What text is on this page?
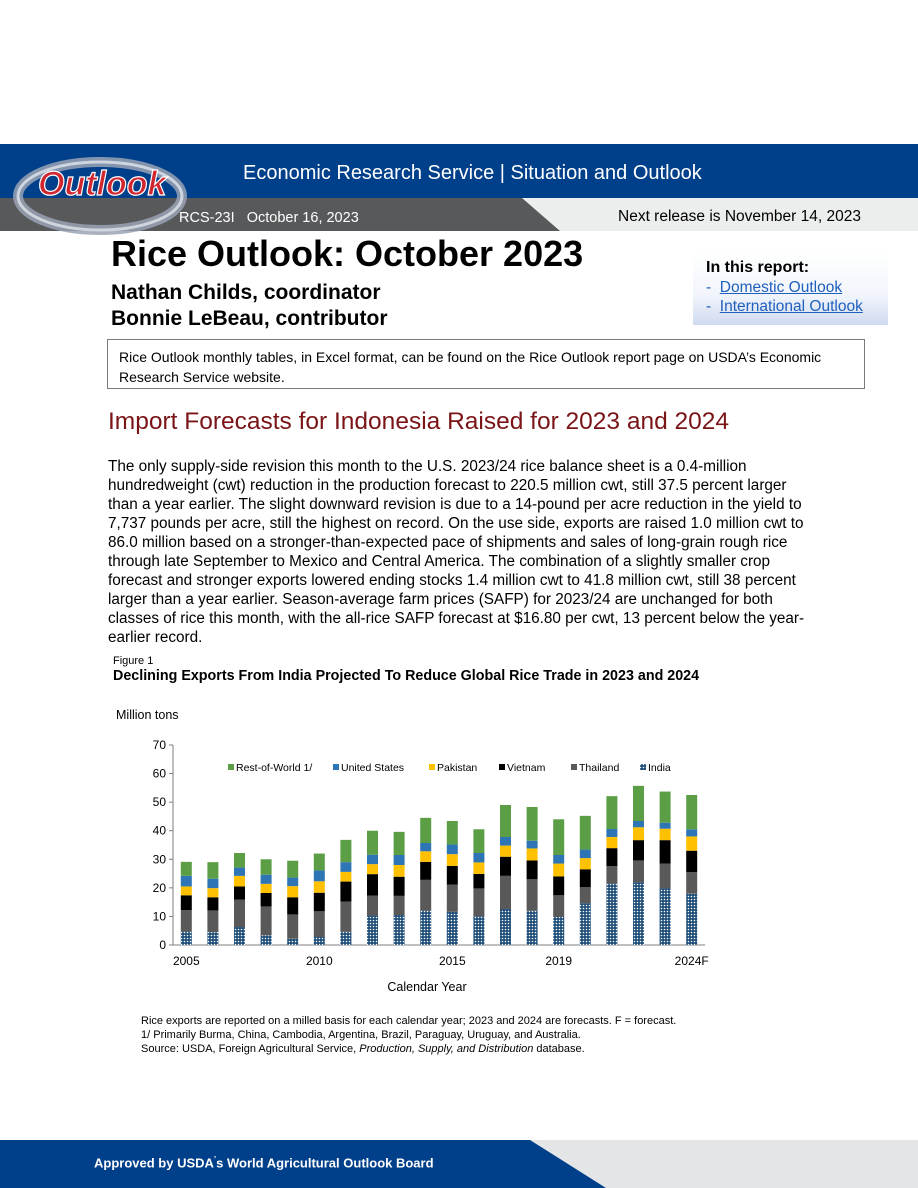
Outlook	Economic Research Service | Situation and Outlook
RCS-23I October 16, 2023	Next release is November 14, 2023
Rice Outlook: October 2023
Nathan Childs, coordinator
Bonnie LeBeau, contributor
In this report:
-  Domestic Outlook
-  International Outlook
Rice Outlook monthly tables, in Excel format, can be found on the Rice Outlook report page on USDA’s Economic Research Service website.
Import Forecasts for Indonesia Raised for 2023 and 2024
The only supply-side revision this month to the U.S. 2023/24 rice balance sheet is a 0.4-million hundredweight (cwt) reduction in the production forecast to 220.5 million cwt, still 37.5 percent larger than a year earlier. The slight downward revision is due to a 14-pound per acre reduction in the yield to 7,737 pounds per acre, still the highest on record. On the use side, exports are raised 1.0 million cwt to 86.0 million based on a stronger-than-expected pace of shipments and sales of long-grain rough rice through late September to Mexico and Central America. The combination of a slightly smaller crop forecast and stronger exports lowered ending stocks 1.4 million cwt to 41.8 million cwt, still 38 percent larger than a year earlier. Season-average farm prices (SAFP) for 2023/24 are unchanged for both classes of rice this month, with the all-rice SAFP forecast at $16.80 per cwt, 13 percent below the year-earlier record.
Figure 1
Declining Exports From India Projected To Reduce Global Rice Trade in 2023 and 2024
Million tons
0
10
20
30
40
50
60
70
2005	2010	2015	2019	2024F
Rest-of-World 1/	United States	Pakistan	Vietnam	Thailand	India
Calendar Year
Rice exports are reported on a milled basis for each calendar year; 2023 and 2024 are forecasts. F = forecast.
1/ Primarily Burma, China, Cambodia, Argentina, Brazil, Paraguay, Uruguay, and Australia.
Source: USDA, Foreign Agricultural Service, Production, Supply, and Distribution database.
Approved by USDA’s World Agricultural Outlook Board
